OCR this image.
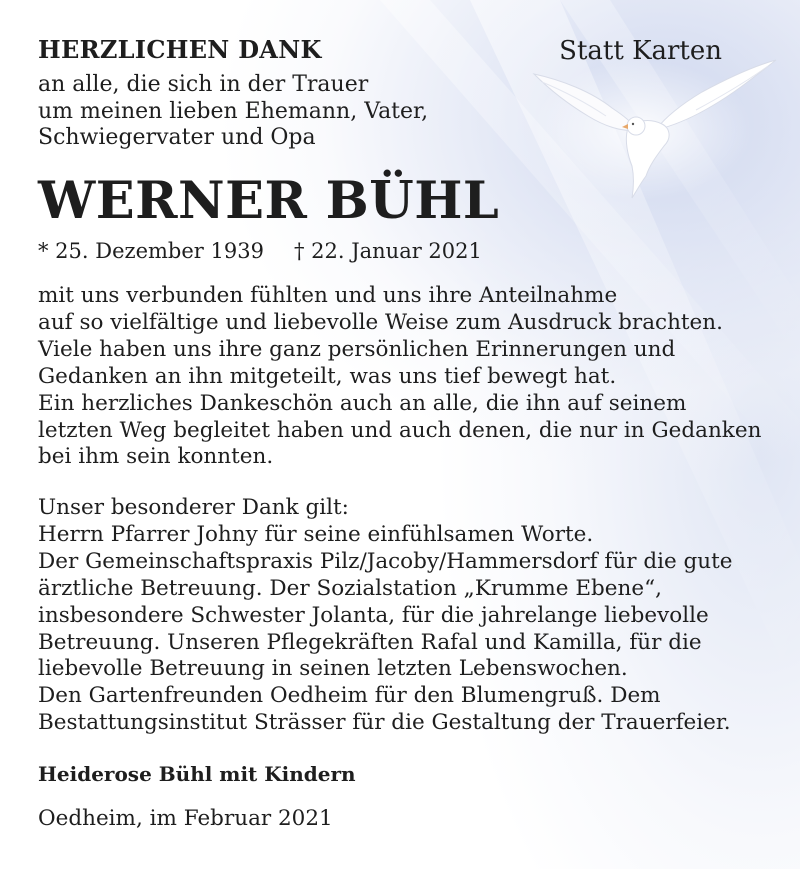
HERZLICHEN DANK	Statt Karten
an alle, die sich in der Trauer
um meinen lieben Ehemann, Vater,
Schwiegervater und Opa
WERNER BÜHL
* 25. Dezember 1939 † 22. Januar 2021
mit uns verbunden fühlten und uns ihre Anteilnahme
auf so vielfältige und liebevolle Weise zum Ausdruck brachten.
Viele haben uns ihre ganz persönlichen Erinnerungen und
Gedanken an ihn mitgeteilt, was uns tief bewegt hat.
Ein herzliches Dankeschön auch an alle, die ihn auf seinem
letzten Weg begleitet haben und auch denen, die nur in Gedanken
bei ihm sein konnten.
Unser besonderer Dank gilt:
Herrn Pfarrer Johny für seine einfühlsamen Worte.
Der Gemeinschaftspraxis Pilz/Jacoby/Hammersdorf für die gute
ärztliche Betreuung. Der Sozialstation „Krumme Ebene“,
insbesondere Schwester Jolanta, für die jahrelange liebevolle
Betreuung. Unseren Pflegekräften Rafal und Kamilla, für die
liebevolle Betreuung in seinen letzten Lebenswochen.
Den Gartenfreunden Oedheim für den Blumengruß. Dem
Bestattungsinstitut Strässer für die Gestaltung der Trauerfeier.
Heiderose Bühl mit Kindern
Oedheim, im Februar 2021
